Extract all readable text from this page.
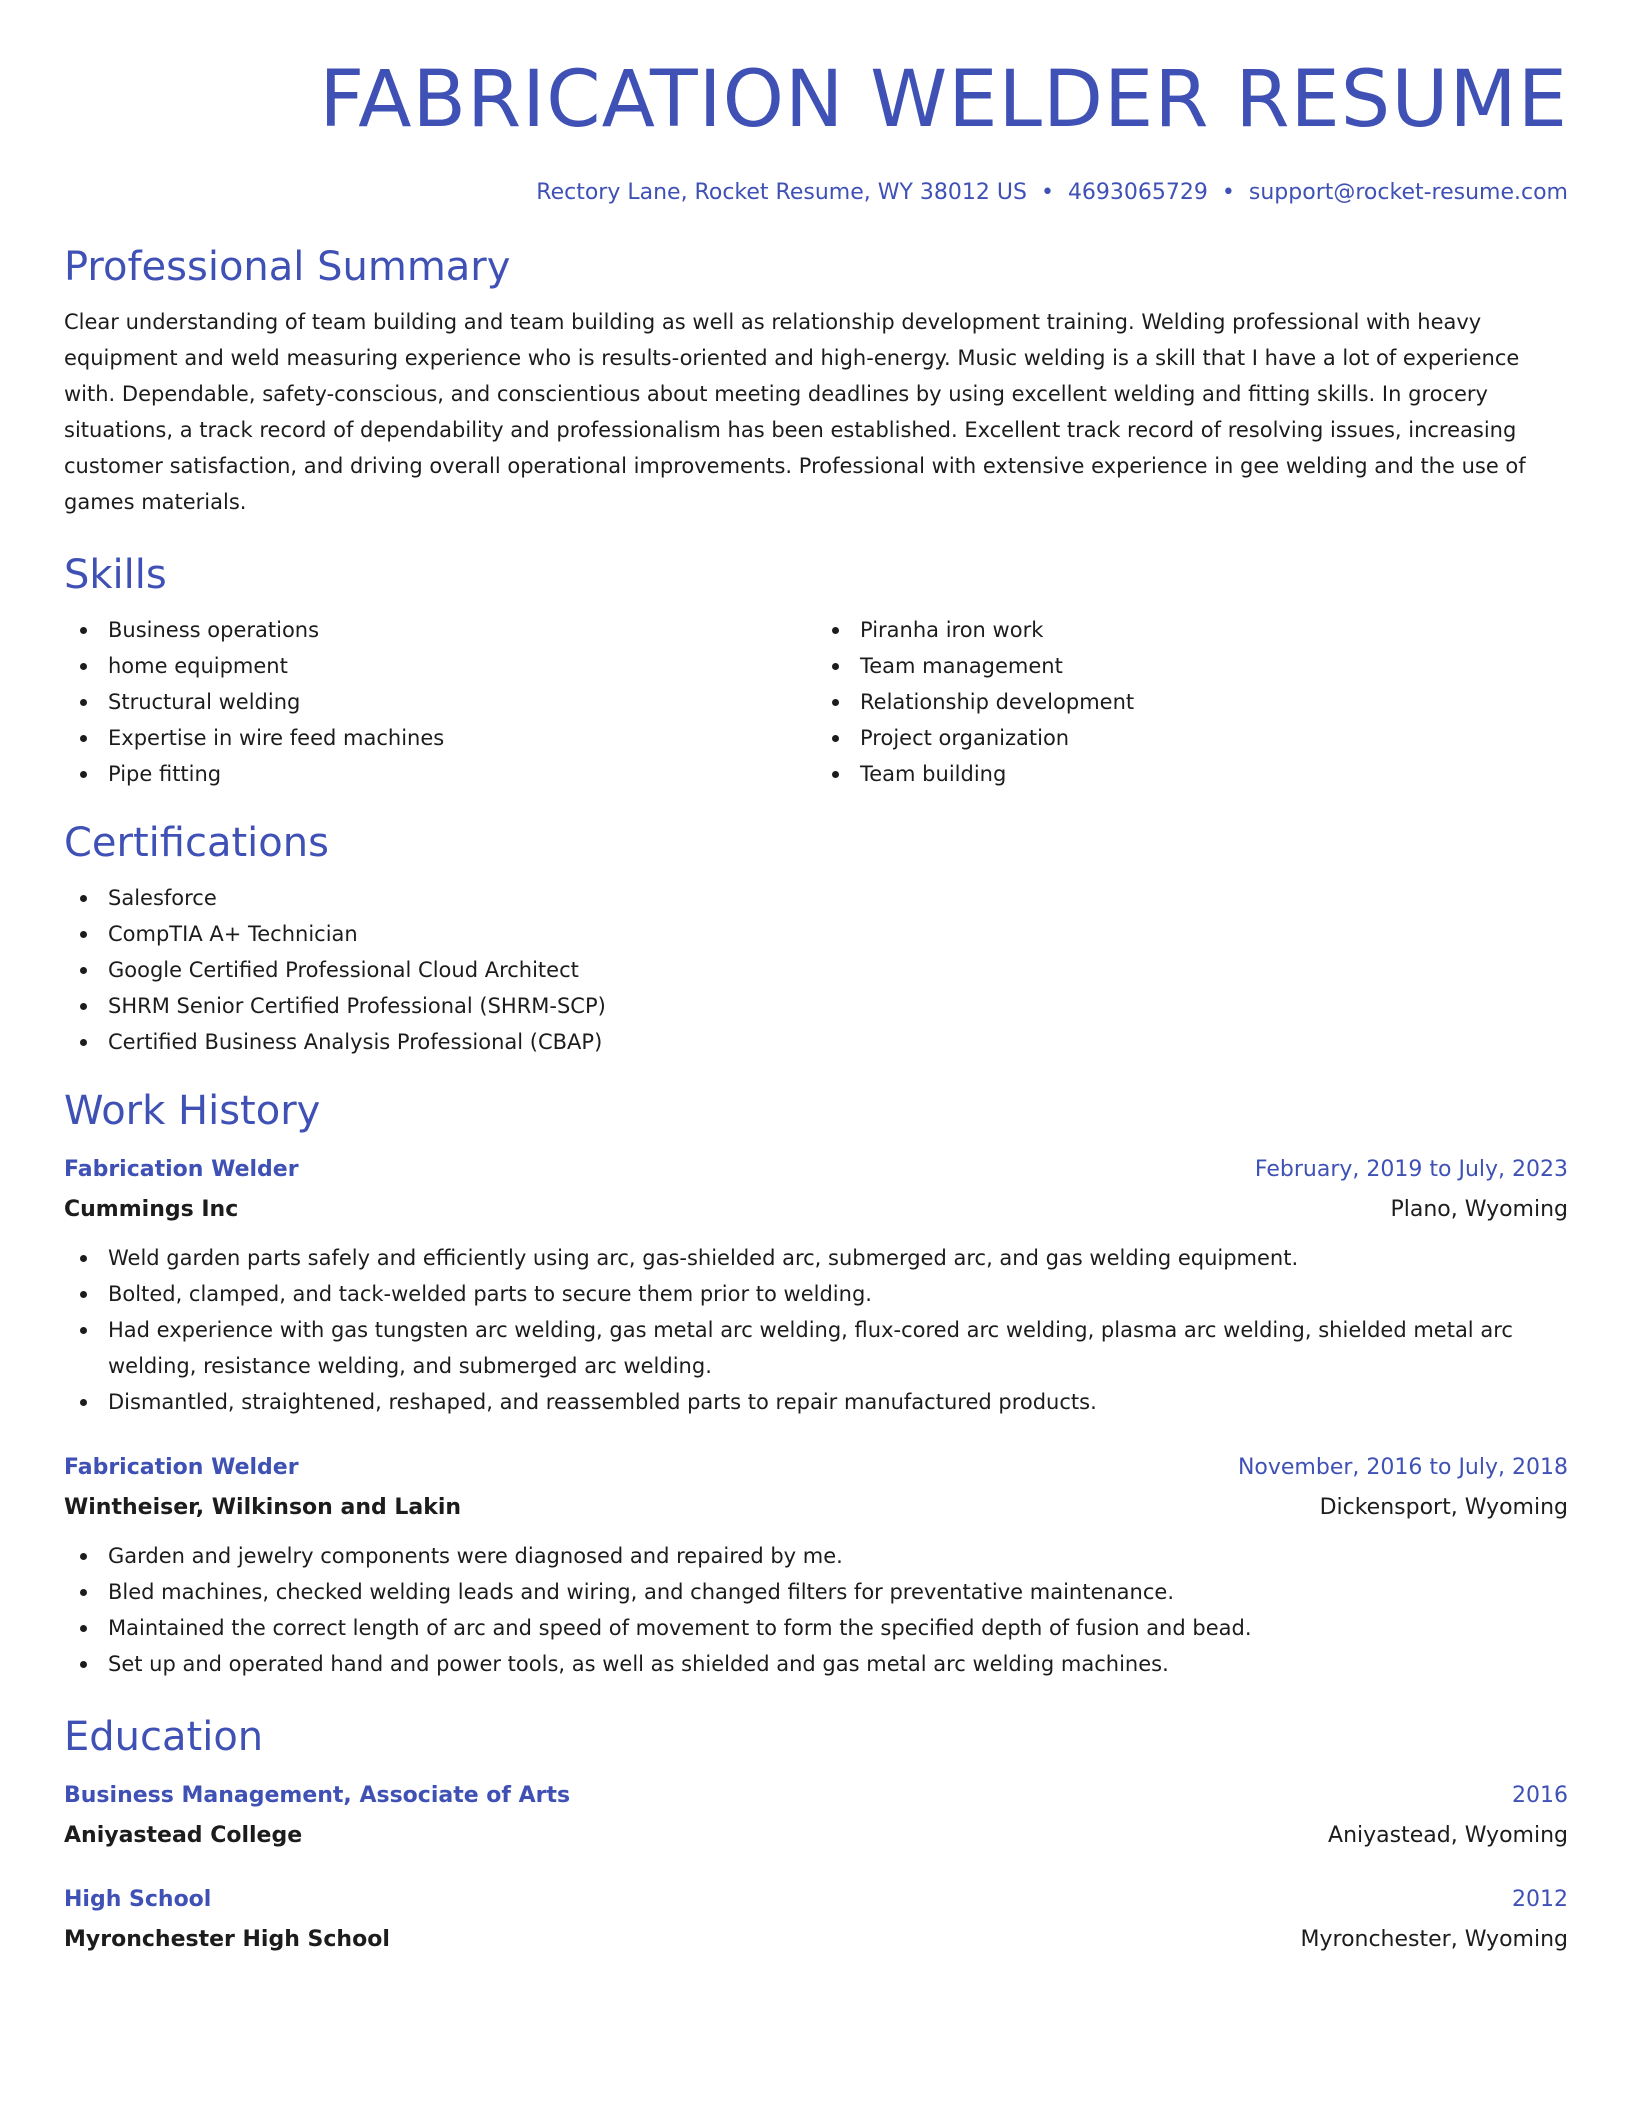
FABRICATION WELDER RESUME
Rectory Lane, Rocket Resume, WY 38012 US • 4693065729 • support@rocket-resume.com
Professional Summary

Clear understanding of team building and team building as well as relationship development training. Welding professional with heavy equipment and weld measuring experience who is results-oriented and high-energy. Music welding is a skill that I have a lot of experience with. Dependable, safety-conscious, and conscientious about meeting deadlines by using excellent welding and fitting skills. In grocery situations, a track record of dependability and professionalism has been established. Excellent track record of resolving issues, increasing customer satisfaction, and driving overall operational improvements. Professional with extensive experience in gee welding and the use of games materials.

Skills
Business operations
home equipment
Structural welding
Expertise in wire feed machines
Pipe fitting
Piranha iron work
Team management
Relationship development
Project organization
Team building
Certifications
Salesforce
CompTIA A+ Technician
Google Certified Professional Cloud Architect
SHRM Senior Certified Professional (SHRM-SCP)
Certified Business Analysis Professional (CBAP)
Work History
Fabrication Welder	February, 2019 to July, 2023
Cummings Inc	Plano, Wyoming
Weld garden parts safely and efficiently using arc, gas-shielded arc, submerged arc, and gas welding equipment.
Bolted, clamped, and tack-welded parts to secure them prior to welding.
Had experience with gas tungsten arc welding, gas metal arc welding, flux-cored arc welding, plasma arc welding, shielded metal arc welding, resistance welding, and submerged arc welding.
Dismantled, straightened, reshaped, and reassembled parts to repair manufactured products.
Fabrication Welder	November, 2016 to July, 2018
Wintheiser, Wilkinson and Lakin	Dickensport, Wyoming
Garden and jewelry components were diagnosed and repaired by me.
Bled machines, checked welding leads and wiring, and changed filters for preventative maintenance.
Maintained the correct length of arc and speed of movement to form the specified depth of fusion and bead.
Set up and operated hand and power tools, as well as shielded and gas metal arc welding machines.
Education
Business Management, Associate of Arts	2016
Aniyastead College	Aniyastead, Wyoming
High School	2012
Myronchester High School	Myronchester, Wyoming
